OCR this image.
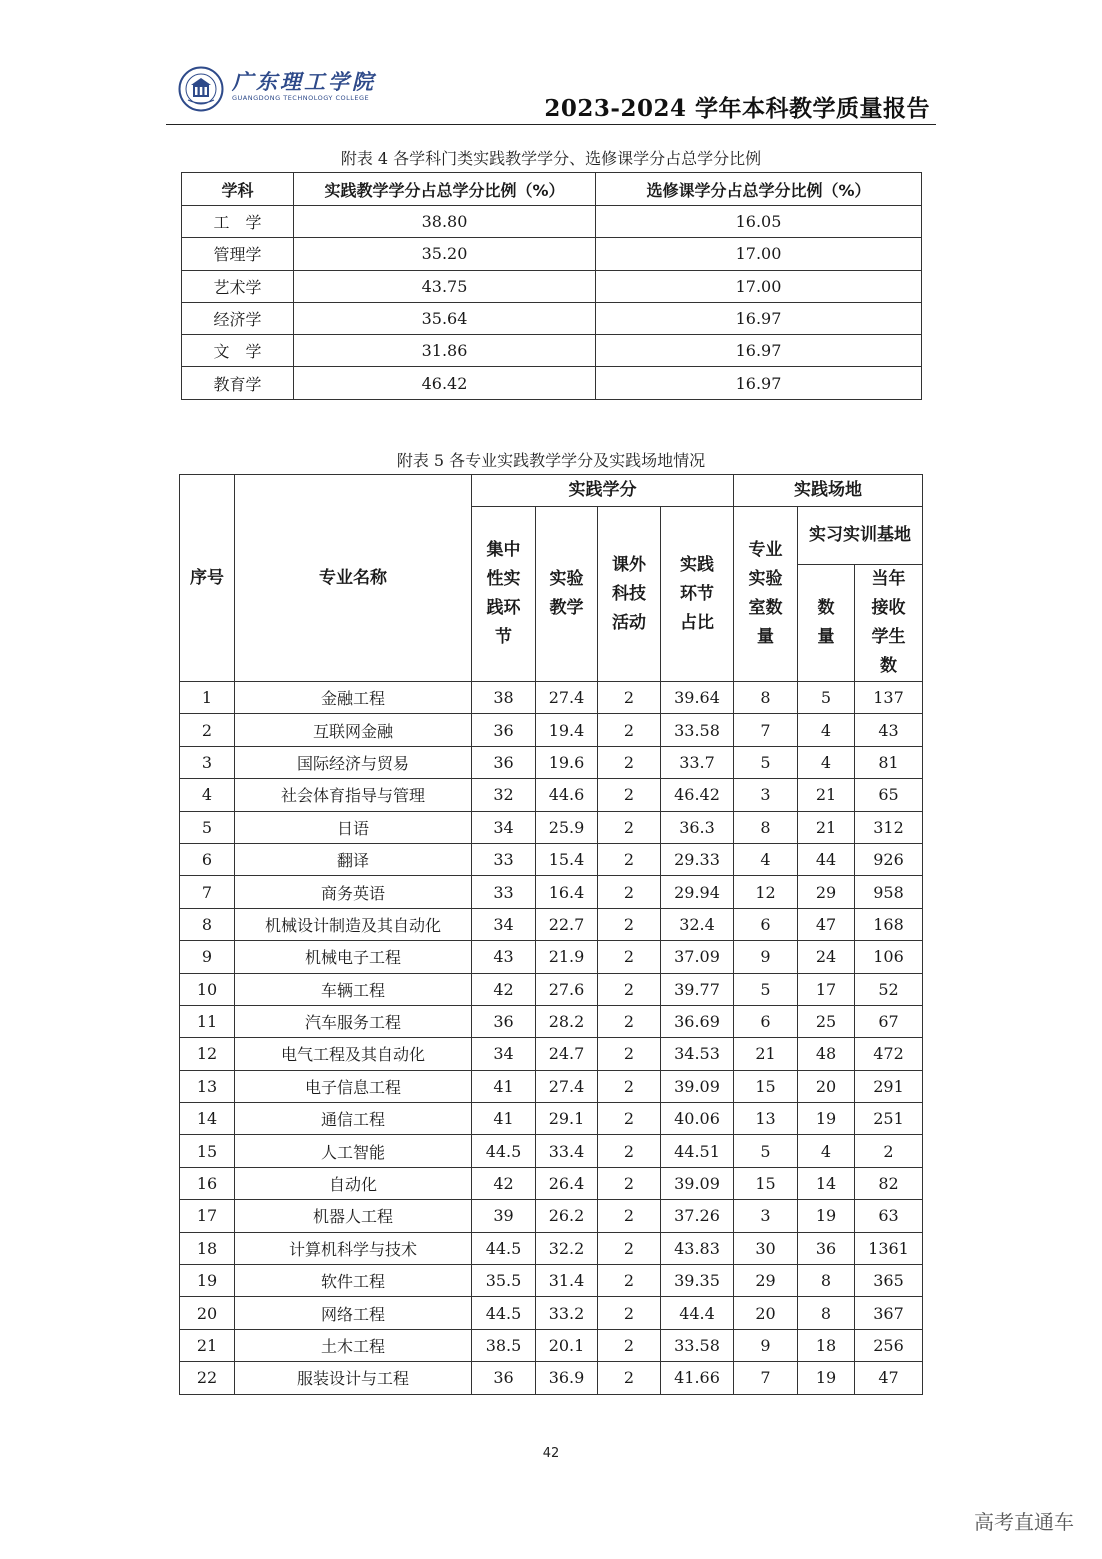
广东理工学院
GUANGDONG TECHNOLOGY COLLEGE	2023-2024 学年本科教学质量报告
附表 4 各学科门类实践教学学分、选修课学分占总学分比例
学科	实践教学学分占总学分比例（%）	选修课学分占总学分比例（%）
工　学	38.80	16.05
管理学	35.20	17.00
艺术学	43.75	17.00
经济学	35.64	16.97
文　学	31.86	16.97
教育学	46.42	16.97
附表 5 各专业实践教学学分及实践场地情况
序号	专业名称	实践学分				实践场地		
		集中性实践环节	实验教学	课外科技活动	实践环节占比	专业实验室数量	实习实训基地	
							数量	当年接收学生数
1	金融工程	38	27.4	2	39.64	8	5	137
2	互联网金融	36	19.4	2	33.58	7	4	43
3	国际经济与贸易	36	19.6	2	33.7	5	4	81
4	社会体育指导与管理	32	44.6	2	46.42	3	21	65
5	日语	34	25.9	2	36.3	8	21	312
6	翻译	33	15.4	2	29.33	4	44	926
7	商务英语	33	16.4	2	29.94	12	29	958
8	机械设计制造及其自动化	34	22.7	2	32.4	6	47	168
9	机械电子工程	43	21.9	2	37.09	9	24	106
10	车辆工程	42	27.6	2	39.77	5	17	52
11	汽车服务工程	36	28.2	2	36.69	6	25	67
12	电气工程及其自动化	34	24.7	2	34.53	21	48	472
13	电子信息工程	41	27.4	2	39.09	15	20	291
14	通信工程	41	29.1	2	40.06	13	19	251
15	人工智能	44.5	33.4	2	44.51	5	4	2
16	自动化	42	26.4	2	39.09	15	14	82
17	机器人工程	39	26.2	2	37.26	3	19	63
18	计算机科学与技术	44.5	32.2	2	43.83	30	36	1361
19	软件工程	35.5	31.4	2	39.35	29	8	365
20	网络工程	44.5	33.2	2	44.4	20	8	367
21	土木工程	38.5	20.1	2	33.58	9	18	256
22	服装设计与工程	36	36.9	2	41.66	7	19	47
42
高考直通车
